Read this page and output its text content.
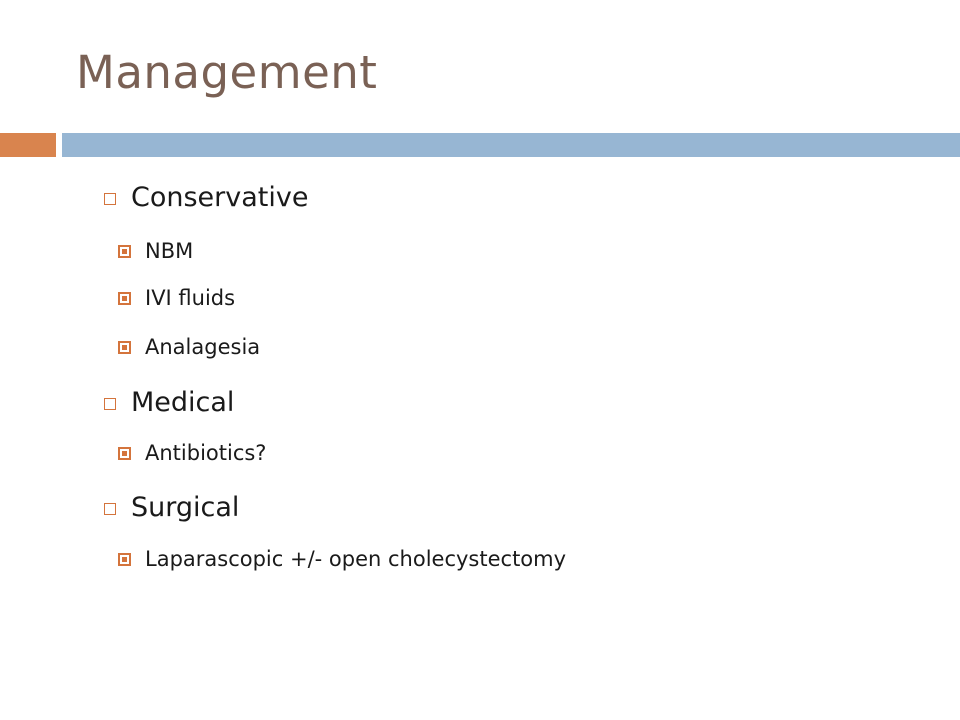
Management
Conservative
NBM
IVI fluids
Analagesia
Medical
Antibiotics?
Surgical
Laparascopic +/- open cholecystectomy
